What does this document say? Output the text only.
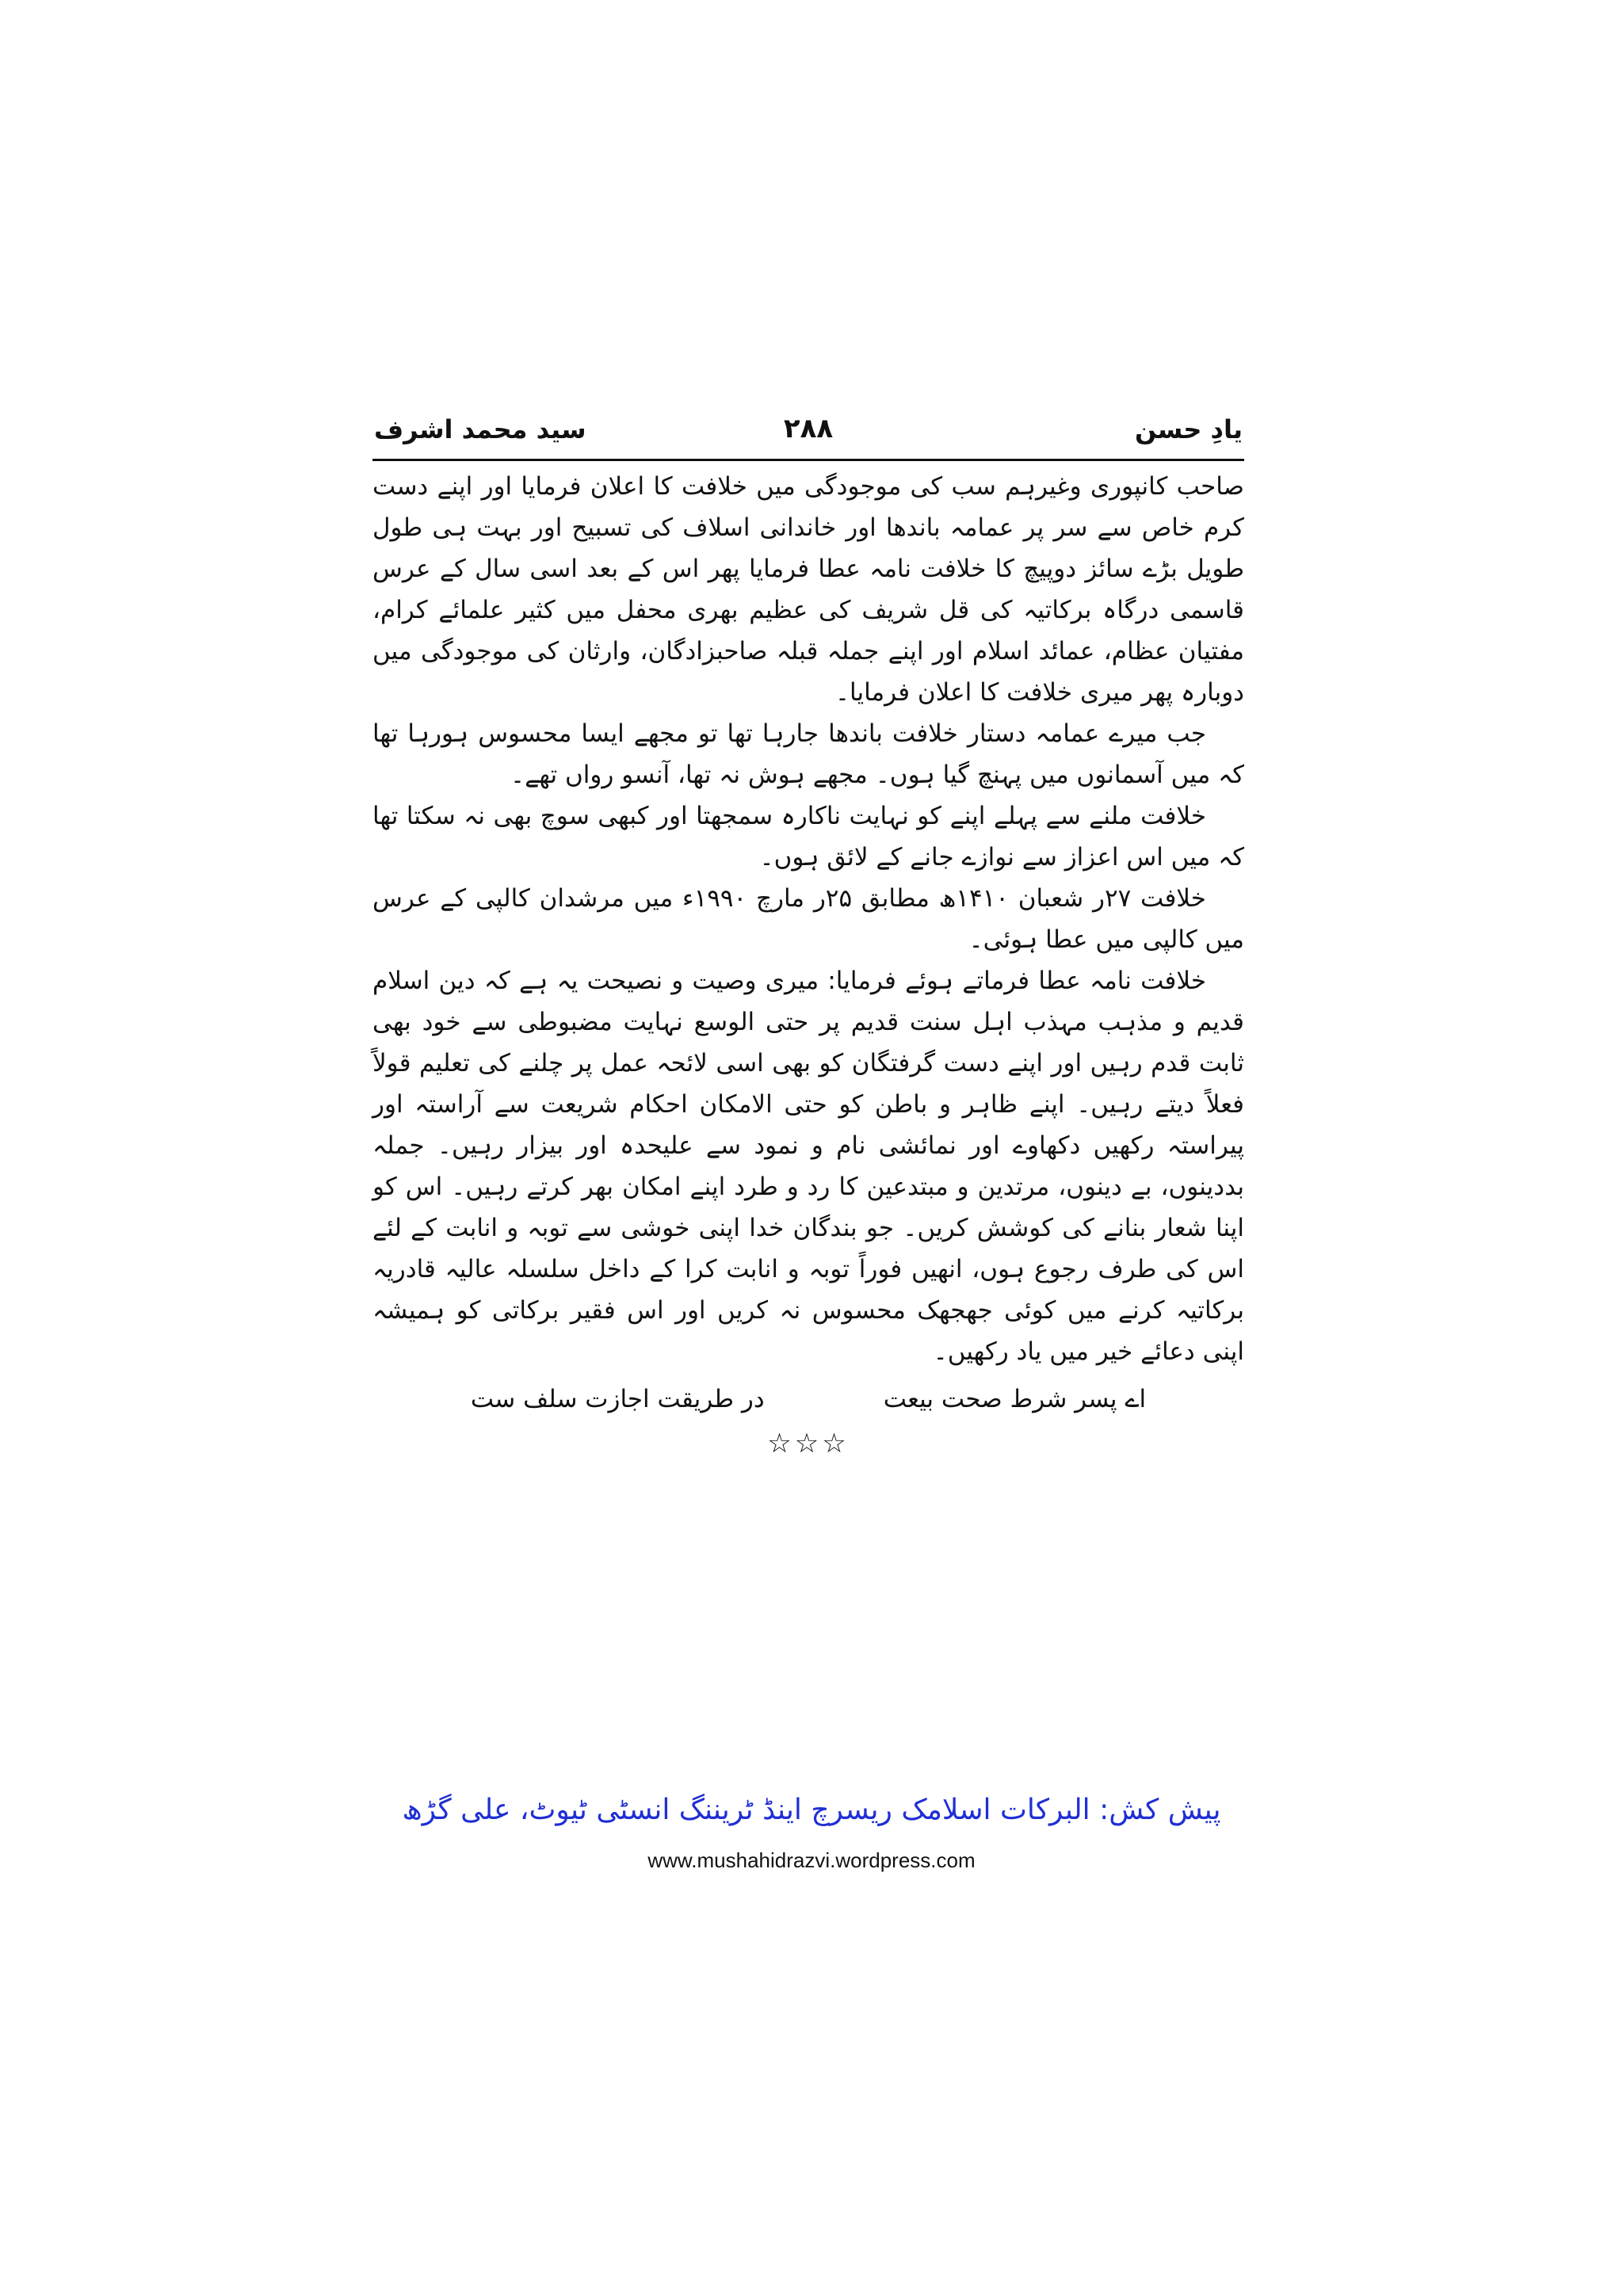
یادِ حسن
۲۸۸
سید محمد اشرف

صاحب کانپوری وغیرہم سب کی موجودگی میں خلافت کا اعلان فرمایا اور اپنے دست کرم خاص سے سر پر عمامہ باندھا اور خاندانی اسلاف کی تسبیح اور بہت ہی طول طویل بڑے سائز دوپیچ کا خلافت نامہ عطا فرمایا پھر اس کے بعد اسی سال کے عرس قاسمی درگاہ برکاتیہ کی قل شریف کی عظیم بھری محفل میں کثیر علمائے کرام، مفتیان عظام، عمائد اسلام اور اپنے جملہ قبلہ صاحبزادگان، وارثان کی موجودگی میں دوبارہ پھر میری خلافت کا اعلان فرمایا۔

جب میرے عمامہ دستار خلافت باندھا جارہا تھا تو مجھے ایسا محسوس ہورہا تھا کہ میں آسمانوں میں پہنچ گیا ہوں۔ مجھے ہوش نہ تھا، آنسو رواں تھے۔

خلافت ملنے سے پہلے اپنے کو نہایت ناکارہ سمجھتا اور کبھی سوچ بھی نہ سکتا تھا کہ میں اس اعزاز سے نوازے جانے کے لائق ہوں۔

خلافت ۲۷ر شعبان ۱۴۱۰ھ مطابق ۲۵ر مارچ ۱۹۹۰ء میں مرشدان کالپی کے عرس میں کالپی میں عطا ہوئی۔

خلافت نامہ عطا فرماتے ہوئے فرمایا: میری وصیت و نصیحت یہ ہے کہ دین اسلام قدیم و مذہب مہذب اہل سنت قدیم پر حتی الوسع نہایت مضبوطی سے خود بھی ثابت قدم رہیں اور اپنے دست گرفتگان کو بھی اسی لائحہ عمل پر چلنے کی تعلیم قولاً فعلاً دیتے رہیں۔ اپنے ظاہر و باطن کو حتی الامکان احکام شریعت سے آراستہ اور پیراستہ رکھیں دکھاوے اور نمائشی نام و نمود سے علیحدہ اور بیزار رہیں۔ جملہ بددینوں، بے دینوں، مرتدین و مبتدعین کا رد و طرد اپنے امکان بھر کرتے رہیں۔ اس کو اپنا شعار بنانے کی کوشش کریں۔ جو بندگان خدا اپنی خوشی سے توبہ و انابت کے لئے اس کی طرف رجوع ہوں، انھیں فوراً توبہ و انابت کرا کے داخل سلسلہ عالیہ قادریہ برکاتیہ کرنے میں کوئی جھجھک محسوس نہ کریں اور اس فقیر برکاتی کو ہمیشہ اپنی دعائے خیر میں یاد رکھیں۔

اے پسر شرط صحت بیعت
در طریقت اجازت سلف ست
☆☆☆
پیش کش: البرکات اسلامک ریسرچ اینڈ ٹریننگ انسٹی ٹیوٹ، علی گڑھ
www.mushahidrazvi.wordpress.com
